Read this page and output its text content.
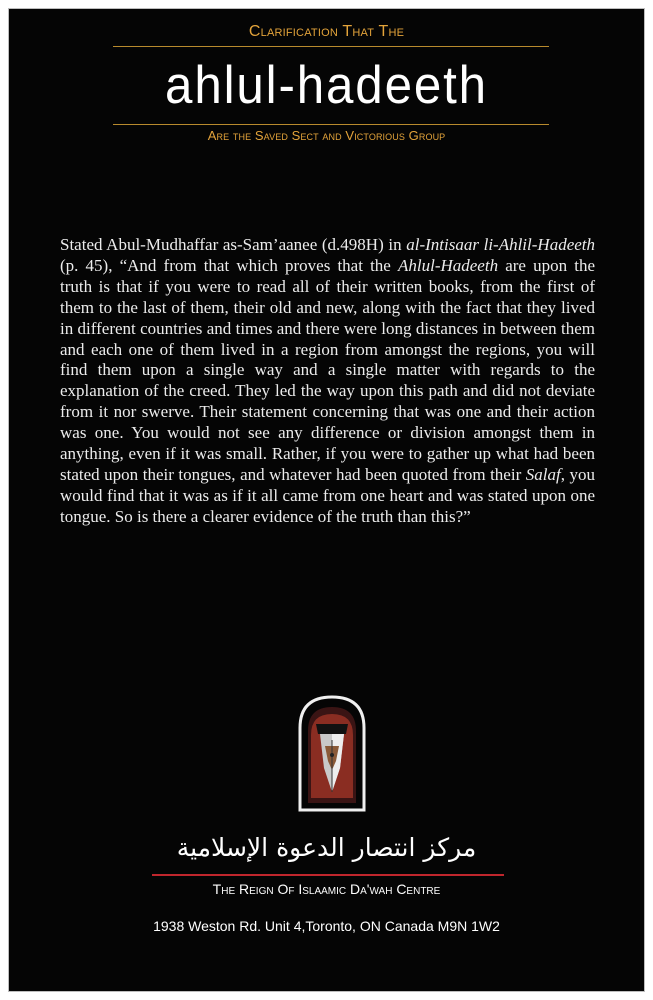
Clarification That The
ahlul-hadeeth
Are the Saved Sect and Victorious Group
Stated Abul-Mudhaffar as-Sam’aanee (d.498H) in al-Intisaar li-Ahlil-Hadeeth (p. 45), “And from that which proves that the Ahlul-Hadeeth are upon the truth is that if you were to read all of their written books, from the first of them to the last of them, their old and new, along with the fact that they lived in different countries and times and there were long distances in between them and each one of them lived in a region from amongst the regions, you will find them upon a single way and a single matter with regards to the explanation of the creed. They led the way upon this path and did not deviate from it nor swerve. Their statement concerning that was one and their action was one. You would not see any difference or division amongst them in anything, even if it was small. Rather, if you were to gather up what had been stated upon their tongues, and whatever had been quoted from their Salaf, you would find that it was as if it all came from one heart and was stated upon one tongue. So is there a clearer evidence of the truth than this?”
مركز انتصار الدعوة الإسلامية
The Reign Of Islaamic Da'wah Centre
1938 Weston Rd. Unit 4,Toronto, ON Canada M9N 1W2
